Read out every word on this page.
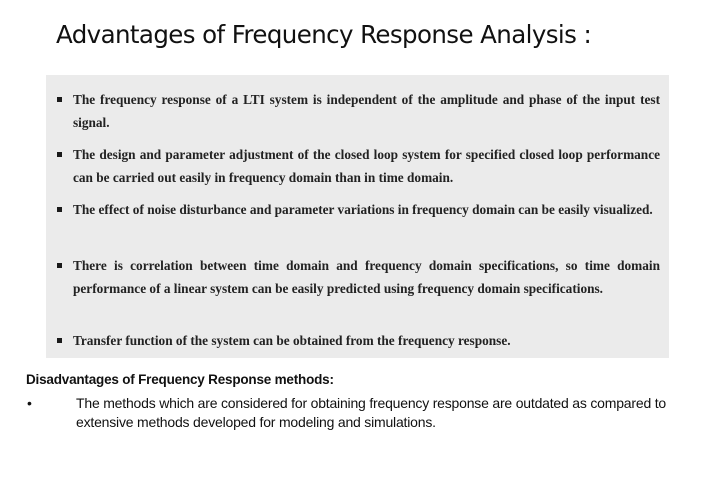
Advantages of Frequency Response Analysis :
The frequency response of a LTI system is independent of the amplitude and phase of the input test signal.
The design and parameter adjustment of the closed loop system for specified closed loop performance can be carried out easily in frequency domain than in time domain.
The effect of noise disturbance and parameter variations in frequency domain can be easily visualized.
There is correlation between time domain and frequency domain specifications, so time domain performance of a linear system can be easily predicted using frequency domain specifications.
Transfer function of the system can be obtained from the frequency response.
Disadvantages of Frequency Response methods:
•	The methods which are considered for obtaining frequency response are outdated as compared to extensive methods developed for modeling and simulations.
